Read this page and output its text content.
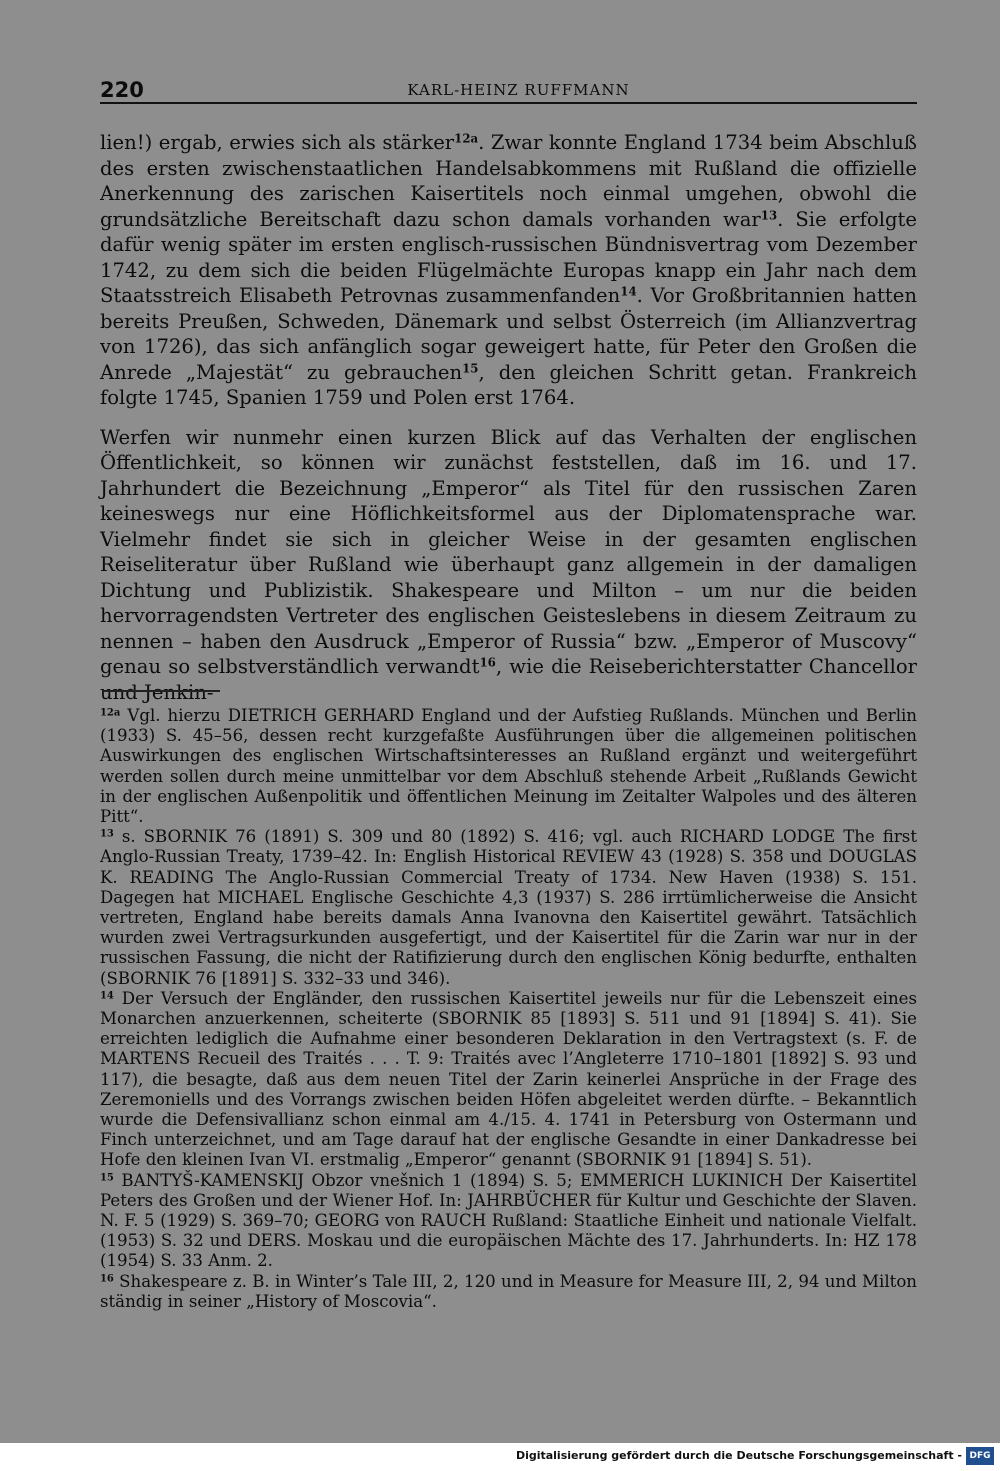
220	KARL-HEINZ RUFFMANN

lien!) ergab, erwies sich als stärker$^{12a}$. Zwar konnte England 1734 beim Abschluß des ersten zwischenstaatlichen Handelsabkommens mit Rußland die offizielle Anerkennung des zarischen Kaisertitels noch einmal umgehen, obwohl die grundsätzliche Bereitschaft dazu schon damals vorhanden war$^{13}$. Sie erfolgte dafür wenig später im ersten englisch-russischen Bündnisvertrag vom Dezember 1742, zu dem sich die beiden Flügelmächte Europas knapp ein Jahr nach dem Staatsstreich Elisabeth Petrovnas zusammenfanden$^{14}$. Vor Großbritannien hatten bereits Preußen, Schweden, Dänemark und selbst Österreich (im Allianzvertrag von 1726), das sich anfänglich sogar geweigert hatte, für Peter den Großen die Anrede „Majestät“ zu gebrauchen$^{15}$, den gleichen Schritt getan. Frankreich folgte 1745, Spanien 1759 und Polen erst 1764.

Werfen wir nunmehr einen kurzen Blick auf das Verhalten der englischen Öffentlichkeit, so können wir zunächst feststellen, daß im 16. und 17. Jahrhundert die Bezeichnung „Emperor“ als Titel für den russischen Zaren keineswegs nur eine Höflichkeitsformel aus der Diplomatensprache war. Vielmehr findet sie sich in gleicher Weise in der gesamten englischen Reiseliteratur über Rußland wie überhaupt ganz allgemein in der damaligen Dichtung und Publizistik. Shakespeare und Milton – um nur die beiden hervorragendsten Vertreter des englischen Geisteslebens in diesem Zeitraum zu nennen – haben den Ausdruck „Emperor of Russia“ bzw. „Emperor of Muscovy“ genau so selbstverständlich verwandt$^{16}$, wie die Reiseberichterstatter Chancellor und Jenkin-

$^{12a}$ Vgl. hierzu DIETRICH GERHARD England und der Aufstieg Rußlands. München und Berlin (1933) S. 45–56, dessen recht kurzgefaßte Ausführungen über die allgemeinen politischen Auswirkungen des englischen Wirtschaftsinteresses an Rußland ergänzt und weitergeführt werden sollen durch meine unmittelbar vor dem Abschluß stehende Arbeit „Rußlands Gewicht in der englischen Außenpolitik und öffentlichen Meinung im Zeitalter Walpoles und des älteren Pitt“.

$^{13}$ s. SBORNIK 76 (1891) S. 309 und 80 (1892) S. 416; vgl. auch RICHARD LODGE The first Anglo-Russian Treaty, 1739–42. In: English Historical REVIEW 43 (1928) S. 358 und DOUGLAS K. READING The Anglo-Russian Commercial Treaty of 1734. New Haven (1938) S. 151. Dagegen hat MICHAEL Englische Geschichte 4,3 (1937) S. 286 irrtümlicherweise die Ansicht vertreten, England habe bereits damals Anna Ivanovna den Kaisertitel gewährt. Tatsächlich wurden zwei Vertragsurkunden ausgefertigt, und der Kaisertitel für die Zarin war nur in der russischen Fassung, die nicht der Ratifizierung durch den englischen König bedurfte, enthalten (SBORNIK 76 [1891] S. 332–33 und 346).

$^{14}$ Der Versuch der Engländer, den russischen Kaisertitel jeweils nur für die Lebenszeit eines Monarchen anzuerkennen, scheiterte (SBORNIK 85 [1893] S. 511 und 91 [1894] S. 41). Sie erreichten lediglich die Aufnahme einer besonderen Deklaration in den Vertragstext (s. F. de MARTENS Recueil des Traités . . . T. 9: Traités avec l’Angleterre 1710–1801 [1892] S. 93 und 117), die besagte, daß aus dem neuen Titel der Zarin keinerlei Ansprüche in der Frage des Zeremoniells und des Vorrangs zwischen beiden Höfen abgeleitet werden dürfte. – Bekanntlich wurde die Defensivallianz schon einmal am 4./15. 4. 1741 in Petersburg von Ostermann und Finch unterzeichnet, und am Tage darauf hat der englische Gesandte in einer Dankadresse bei Hofe den kleinen Ivan VI. erstmalig „Emperor“ genannt (SBORNIK 91 [1894] S. 51).

$^{15}$ BANTYŠ-KAMENSKIJ Obzor vnešnich 1 (1894) S. 5; EMMERICH LUKINICH Der Kaisertitel Peters des Großen und der Wiener Hof. In: JAHRBÜCHER für Kultur und Geschichte der Slaven. N. F. 5 (1929) S. 369–70; GEORG von RAUCH Rußland: Staatliche Einheit und nationale Vielfalt. (1953) S. 32 und DERS. Moskau und die europäischen Mächte des 17. Jahrhunderts. In: HZ 178 (1954) S. 33 Anm. 2.

$^{16}$ Shakespeare z. B. in Winter’s Tale III, 2, 120 und in Measure for Measure III, 2, 94 und Milton ständig in seiner „History of Moscovia“.

Digitalisierung gefördert durch die Deutsche Forschungsgemeinschaft - DFG
